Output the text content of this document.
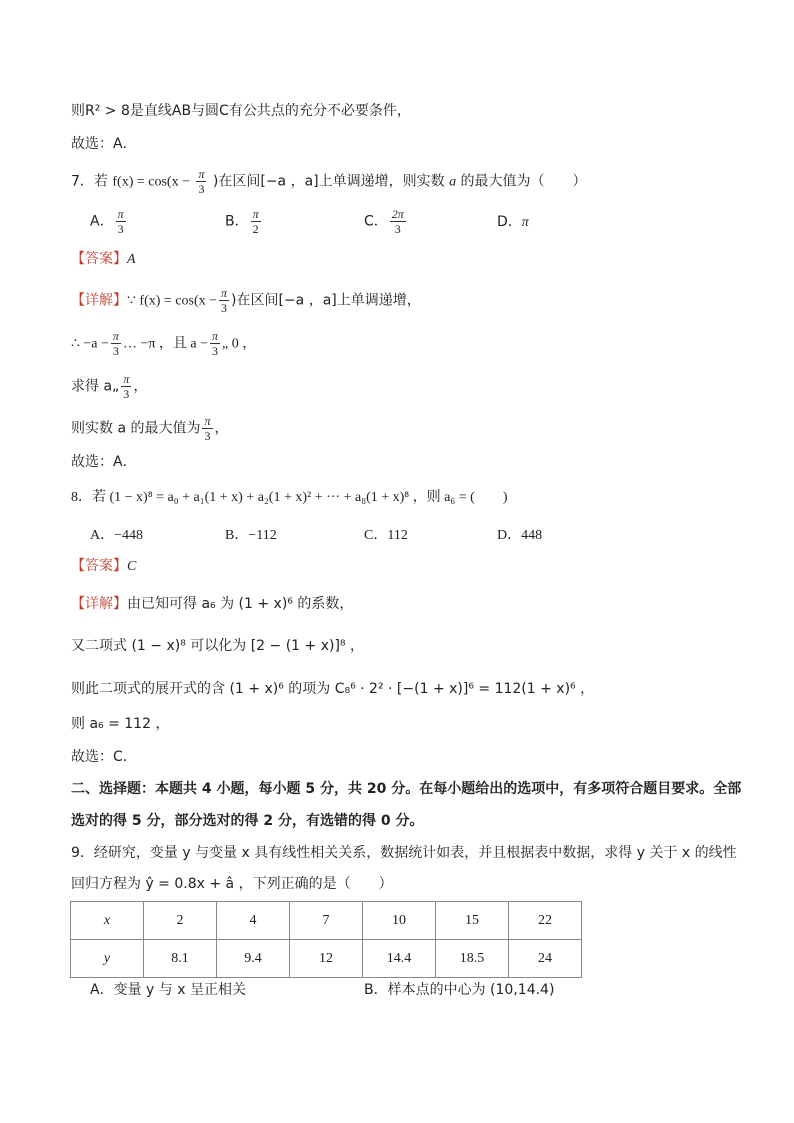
则R² > 8是直线AB与圆C有公共点的充分不必要条件，
故选：A．
7．若 $f(x) = \cos(x - \frac{\pi}{3}$ )在区间[−a ，a]上单调递增，则实数 a 的最大值为（　　）
A． $\frac{\pi}{3}$	B． $\frac{\pi}{2}$	C． $\frac{2\pi}{3}$	D．π
【答案】A
【详解】∵ $f(x) = \cos(x - \frac{\pi}{3}$ )在区间[−a ，a]上单调递增，
∴ $-a - \frac{\pi}{3}$ … −π ，且 $a - \frac{\pi}{3}$ „ 0 ，
求得 a„ $\frac{\pi}{3}$ ，
则实数 a 的最大值为 $\frac{\pi}{3}$ ，
故选：A．
8．若 (1 − x)⁸ = a₀ + a₁(1 + x) + a₂(1 + x)² + ··· + a₈(1 + x)⁸ ，则 a₆ = (　　)
A．−448	B．−112	C．112	D．448
【答案】C
【详解】由已知可得 a₆ 为 (1 + x)⁶ 的系数，
又二项式 (1 − x)⁸ 可以化为 [2 − (1 + x)]⁸ ，
则此二项式的展开式的含 (1 + x)⁶ 的项为 C₈⁶ · 2² · [−(1 + x)]⁶ = 112(1 + x)⁶ ，
则 a₆ = 112 ，
故选：C．
二、选择题：本题共 4 小题，每小题 5 分，共 20 分。在每小题给出的选项中，有多项符合题目要求。全部
选对的得 5 分，部分选对的得 2 分，有选错的得 0 分。
9．经研究，变量 y 与变量 x 具有线性相关关系，数据统计如表，并且根据表中数据，求得 y 关于 x 的线性
回归方程为 ŷ = 0.8x + â ，下列正确的是（　　）
x	2	4	7	10	15	22
y	8.1	9.4	12	14.4	18.5	24
A．变量 y 与 x 呈正相关	B．样本点的中心为 (10,14.4)
